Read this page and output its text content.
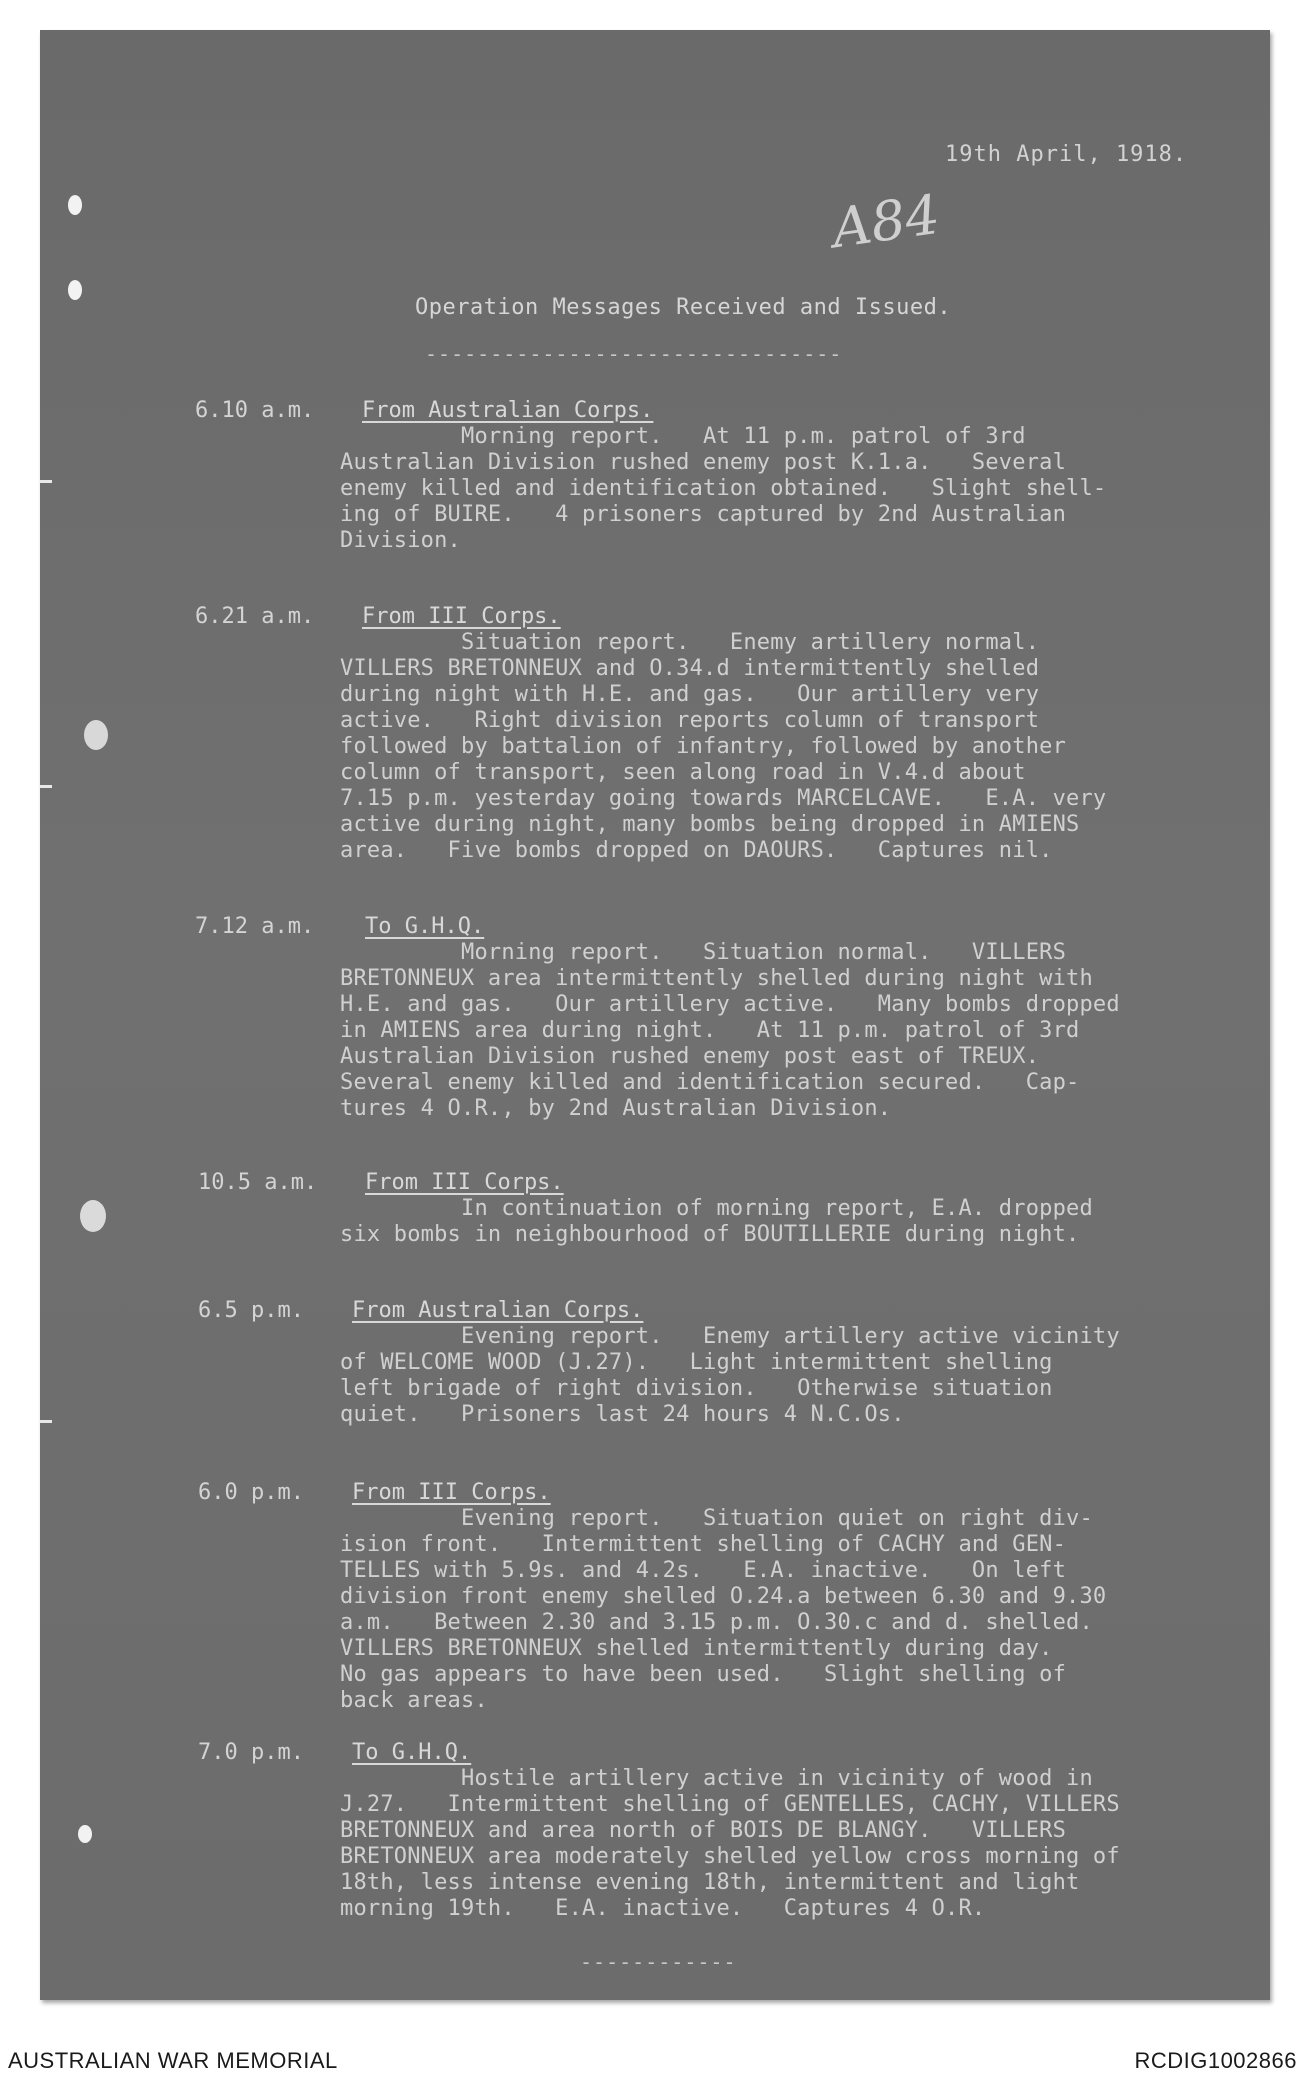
19th April, 1918.
A84
Operation Messages Received and Issued.
--------------------------------
6.10 a.m. From Australian Corps.
Morning report.   At 11 p.m. patrol of 3rd
Australian Division rushed enemy post K.1.a.   Several
enemy killed and identification obtained.   Slight shell-
ing of BUIRE.   4 prisoners captured by 2nd Australian
Division.
6.21 a.m. From III Corps.
Situation report.   Enemy artillery normal.
VILLERS BRETONNEUX and O.34.d intermittently shelled
during night with H.E. and gas.   Our artillery very
active.   Right division reports column of transport
followed by battalion of infantry, followed by another
column of transport, seen along road in V.4.d about
7.15 p.m. yesterday going towards MARCELCAVE.   E.A. very
active during night, many bombs being dropped in AMIENS
area.   Five bombs dropped on DAOURS.   Captures nil.
7.12 a.m. To G.H.Q.
Morning report.   Situation normal.   VILLERS
BRETONNEUX area intermittently shelled during night with
H.E. and gas.   Our artillery active.   Many bombs dropped
in AMIENS area during night.   At 11 p.m. patrol of 3rd
Australian Division rushed enemy post east of TREUX.
Several enemy killed and identification secured.   Cap-
tures 4 O.R., by 2nd Australian Division.
10.5 a.m. From III Corps.
In continuation of morning report, E.A. dropped
six bombs in neighbourhood of BOUTILLERIE during night.
6.5 p.m. From Australian Corps.
Evening report.   Enemy artillery active vicinity
of WELCOME WOOD (J.27).   Light intermittent shelling
left brigade of right division.   Otherwise situation
quiet.   Prisoners last 24 hours 4 N.C.Os.
6.0 p.m. From III Corps.
Evening report.   Situation quiet on right div-
ision front.   Intermittent shelling of CACHY and GEN-
TELLES with 5.9s. and 4.2s.   E.A. inactive.   On left
division front enemy shelled O.24.a between 6.30 and 9.30
a.m.   Between 2.30 and 3.15 p.m. O.30.c and d. shelled.
VILLERS BRETONNEUX shelled intermittently during day.
No gas appears to have been used.   Slight shelling of
back areas.
7.0 p.m. To G.H.Q.
Hostile artillery active in vicinity of wood in
J.27.   Intermittent shelling of GENTELLES, CACHY, VILLERS
BRETONNEUX and area north of BOIS DE BLANGY.   VILLERS
BRETONNEUX area moderately shelled yellow cross morning of
18th, less intense evening 18th, intermittent and light
morning 19th.   E.A. inactive.   Captures 4 O.R.
------------
AUSTRALIAN WAR MEMORIAL	RCDIG1002866
